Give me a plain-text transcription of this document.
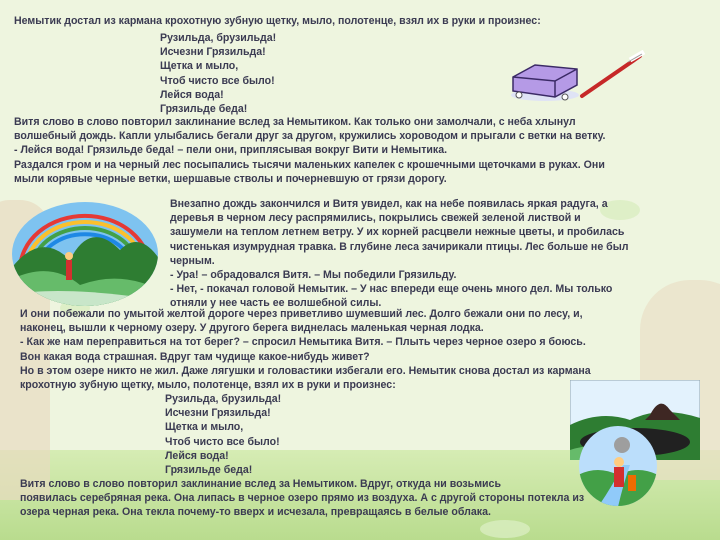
Немытик достал из кармана крохотную зубную щетку, мыло, полотенце, взял их в руки и произнес:

Рузильда, брузильда!
Исчезни Грязильда!
Щетка и мыло,
Чтоб чисто все было!
Лейся вода!
Грязильде беда!
Витя слово в слово повторил заклинание вслед за Немытиком. Как только они замолчали, с неба хлынул
волшебный дождь. Капли улыбались бегали друг за другом, кружились хороводом и прыгали с ветки на ветку.
- Лейся вода! Грязильде беда! – пели они, приплясывая вокруг Вити и Немытика.
Раздался гром и на черный лес посыпались тысячи маленьких капелек с крошечными щеточками в руках. Они
мыли корявые черные ветки, шершавые стволы и почерневшую от грязи дорогу.
Внезапно дождь закончился и Витя увидел, как на небе появилась яркая радуга, а
деревья в черном лесу распрямились, покрылись свежей зеленой листвой и
зашумели на теплом летнем ветру. У их корней расцвели нежные цветы, и пробилась
чистенькая изумрудная травка. В глубине леса зачирикали птицы. Лес больше не был
черным.
- Ура! – обрадовался Витя. – Мы победили Грязильду.
- Нет, - покачал головой Немытик. – У нас впереди еще очень много дел. Мы только
отняли у нее часть ее волшебной силы.
И они побежали по умытой желтой дороге через приветливо шумевший лес. Долго бежали они по лесу, и,
наконец, вышли к черному озеру. У другого берега виднелась маленькая черная лодка.
- Как же нам переправиться на тот берег? – спросил Немытика Витя. – Плыть через черное озеро я боюсь.
Вон какая вода страшная. Вдруг там чудище какое-нибудь живет?
Но в этом озере никто не жил. Даже лягушки и головастики избегали его. Немытик снова достал из кармана
крохотную зубную щетку, мыло, полотенце, взял их в руки и произнес:
Рузильда, брузильда!
Исчезни Грязильда!
Щетка и мыло,
Чтоб чисто все было!
Лейся вода!
Грязильде беда!
Витя слово в слово повторил заклинание вслед за Немытиком. Вдруг, откуда ни возьмись
появилась серебряная река. Она липась в черное озеро прямо из воздуха. А с другой стороны потекла из
озера черная река. Она текла почему-то вверх и исчезала, превращаясь в белые облака.
